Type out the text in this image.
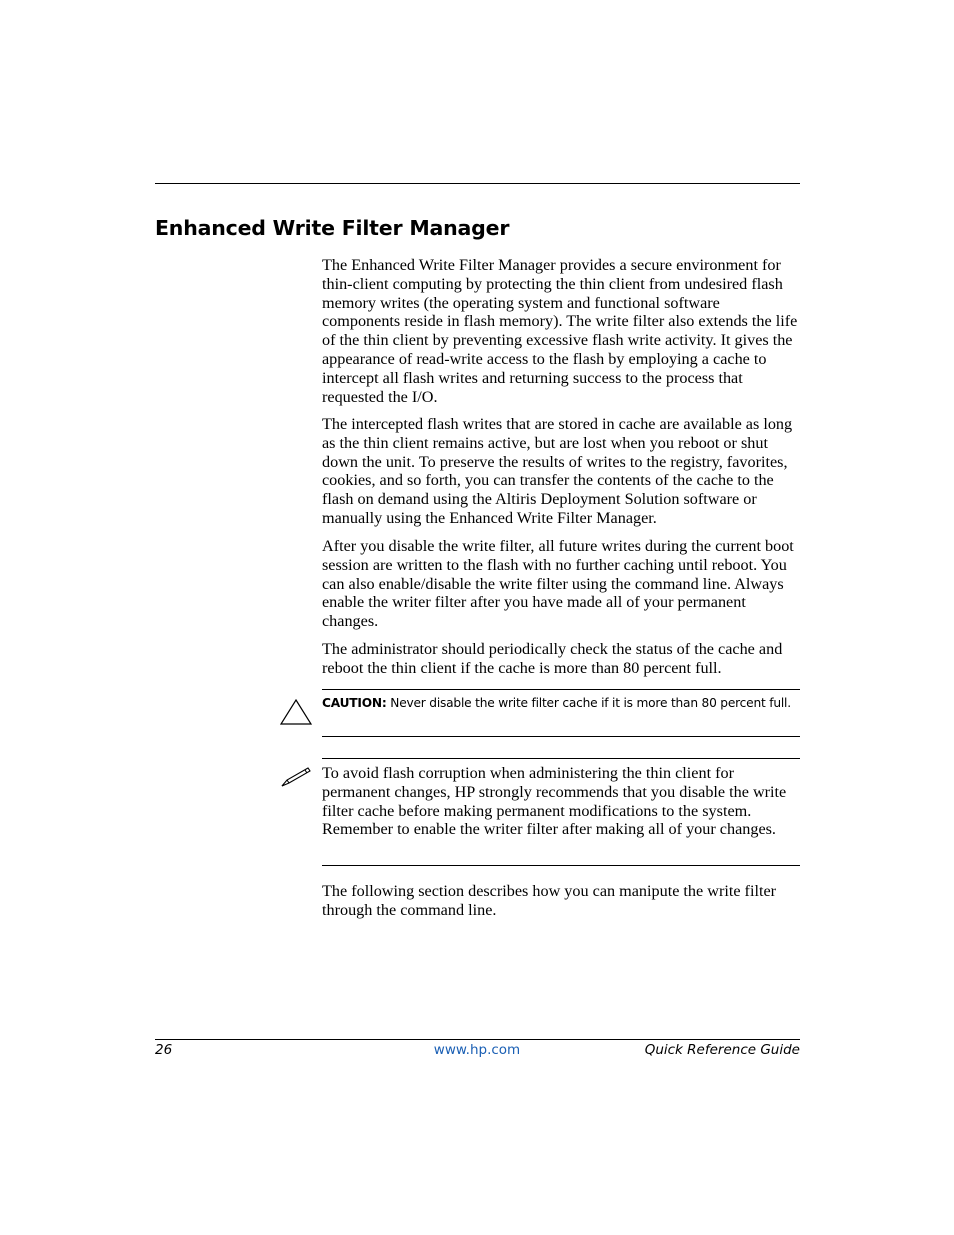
Enhanced Write Filter Manager

The Enhanced Write Filter Manager provides a secure environment for thin-client computing by protecting the thin client from undesired flash memory writes (the operating system and functional software components reside in flash memory). The write filter also extends the life of the thin client by preventing excessive flash write activity. It gives the appearance of read-write access to the flash by employing a cache to intercept all flash writes and returning success to the process that requested the I/O.

The intercepted flash writes that are stored in cache are available as long as the thin client remains active, but are lost when you reboot or shut down the unit. To preserve the results of writes to the registry, favorites, cookies, and so forth, you can transfer the contents of the cache to the flash on demand using the Altiris Deployment Solution software or manually using the Enhanced Write Filter Manager.

After you disable the write filter, all future writes during the current boot session are written to the flash with no further caching until reboot. You can also enable/disable the write filter using the command line. Always enable the writer filter after you have made all of your permanent changes.

The administrator should periodically check the status of the cache and reboot the thin client if the cache is more than 80 percent full.

CAUTION: Never disable the write filter cache if it is more than 80 percent full.

To avoid flash corruption when administering the thin client for permanent changes, HP strongly recommends that you disable the write filter cache before making permanent modifications to the system. Remember to enable the writer filter after making all of your changes.

The following section describes how you can manipute the write filter through the command line.

26	www.hp.com	Quick Reference Guide
